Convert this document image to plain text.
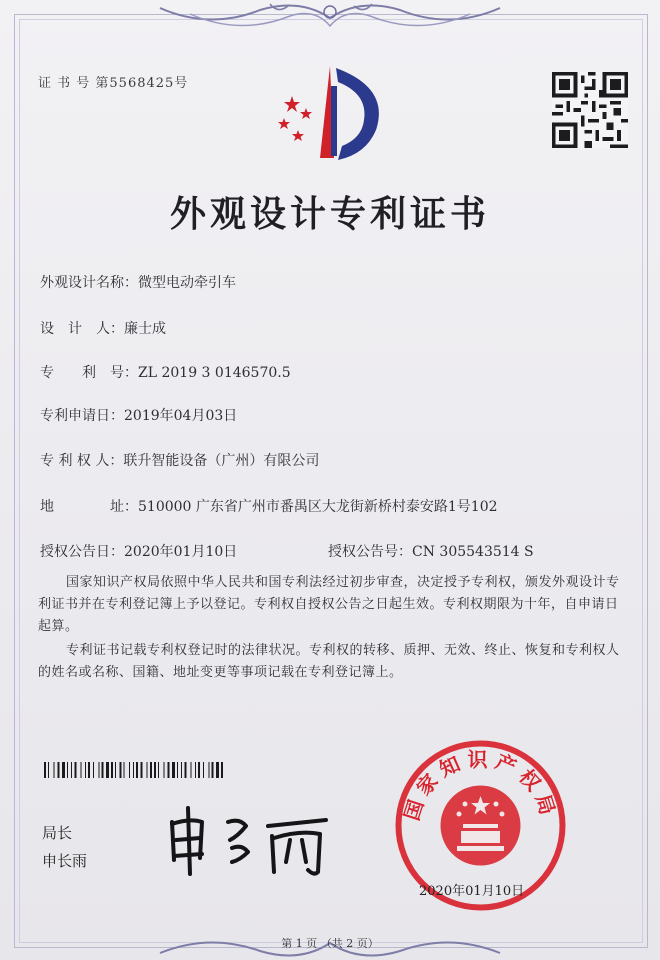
证 书 号 第5568425号
外观设计专利证书
外观设计名称：微型电动牵引车
设　计　人：廉士成
专　　利　号：ZL 2019 3 0146570.5
专利申请日：2019年04月03日
专 利 权 人：联升智能设备（广州）有限公司
地　　　　址：510000 广东省广州市番禺区大龙街新桥村泰安路1号102
授权公告日：2020年01月10日	授权公告号：CN 305543514 S
国家知识产权局依照中华人民共和国专利法经过初步审查，决定授予专利权，颁发外观设计专利证书并在专利登记簿上予以登记。专利权自授权公告之日起生效。专利权期限为十年，自申请日起算。
专利证书记载专利权登记时的法律状况。专利权的转移、质押、无效、终止、恢复和专利权人的姓名或名称、国籍、地址变更等事项记载在专利登记簿上。
局长
申长雨
国家知识产权局
2020年01月10日
第 1 页 （共 2 页）
